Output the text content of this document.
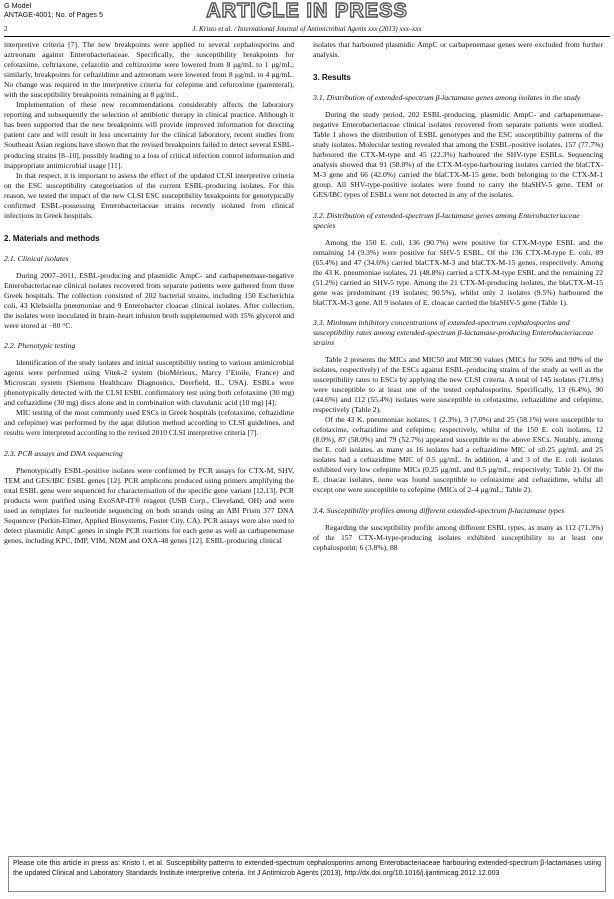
G Model
ANTAGE-4001; No. of Pages 5	ARTICLE IN PRESS
2	J. Kristo et al. / International Journal of Antimicrobial Agents xxx (2013) xxx–xxx

interpretive criteria [7]. The new breakpoints were applied to several cephalosporins and aztreonam against Enterobacteriaceae. Specifically, the susceptibility breakpoints for cefotaxime, ceftriaxone, cefazolin and ceftizoxime were lowered from 8 μg/mL to 1 μg/mL; similarly, breakpoints for ceftazidime and aztreonam were lowered from 8 μg/mL to 4 μg/mL. No change was required in the interpretive criteria for cefepime and cefuroxime (parenteral), with the susceptibility breakpoints remaining at 8 μg/mL.

Implementation of these new recommendations considerably affects the laboratory reporting and subsequently the selection of antibiotic therapy in clinical practice. Although it has been supported that the new breakpoints will provide improved information for directing patient care and will result in less uncertainty for the clinical laboratory, recent studies from Southeast Asian regions have shown that the revised breakpoints failed to detect several ESBL-producing strains [8–10], possibly leading to a loss of critical infection control information and inappropriate antimicrobial usage [11].

In that respect, it is important to assess the effect of the updated CLSI interpretive criteria on the ESC susceptibility categorisation of the current ESBL-producing isolates. For this reason, we tested the impact of the new CLSI ESC susceptibility breakpoints for genotypically confirmed ESBL-possessing Enterobacteriaceae strains recently isolated from clinical infections in Greek hospitals.

2. Materials and methods
2.1. Clinical isolates

During 2007–2011, ESBL-producing and plasmidic AmpC- and carbapenemase-negative Enterobacteriaceae clinical isolates recovered from separate patients were gathered from three Greek hospitals. The collection consisted of 202 bacterial strains, including 150 Escherichia coli, 43 Klebsiella pneumoniae and 9 Enterobacter cloacae clinical isolates. After collection, the isolates were inoculated in brain–heart infusion broth supplemented with 15% glycerol and were stored at −80 °C.

2.2. Phenotypic testing

Identification of the study isolates and initial susceptibility testing to various antimicrobial agents were performed using Vitek-2 system (bioMérieux, Marcy l’Etoile, France) and Microscan system (Siemens Healthcare Diagnostics, Deerfield, IL, USA). ESBLs were phenotypically detected with the CLSI ESBL confirmatory test using both cefotaxime (30 mg) and ceftazidime (30 mg) discs alone and in combination with clavulanic acid (10 mg) [4].

MIC testing of the most commonly used ESCs in Greek hospitals (cefotaxime, ceftazidime and cefepime) was performed by the agar dilution method according to CLSI guidelines, and results were interpreted according to the revised 2010 CLSI interpretive criteria [7].

2.3. PCR assays and DNA sequencing

Phenotypically ESBL-positive isolates were confirmed by PCR assays for CTX-M, SHV, TEM and GES/IBC ESBL genes [12]. PCR amplicons produced using primers amplifying the total ESBL gene were sequenced for characterisation of the specific gene variant [12,13]. PCR products were purified using ExoSAP-IT® reagent (USB Corp., Cleveland, OH) and were used as templates for nucleotide sequencing on both strands using an ABI Prism 377 DNA Sequencer (Perkin-Elmer, Applied Biosystems, Foster City, CA). PCR assays were also used to detect plasmidic AmpC genes in single PCR reactions for each gene as well as carbapenemase genes, including KPC, IMP, VIM, NDM and OXA-48 genes [12]. ESBL-producing clinical

isolates that harboured plasmidic AmpC or carbapenemase genes were excluded from further analysis.

3. Results
3.1. Distribution of extended-spectrum β-lactamase genes among isolates in the study

During the study period, 202 ESBL-producing, plasmidic AmpC- and carbapenemase-negative Enterobacteriaceae clinical isolates recovered from separate patients were studied. Table 1 shows the distribution of ESBL genotypes and the ESC susceptibility patterns of the study isolates. Molecular testing revealed that among the ESBL-positive isolates, 157 (77.7%) harboured the CTX-M-type and 45 (22.3%) harboured the SHV-type ESBLs. Sequencing analysis showed that 91 (58.0%) of the CTX-M-type-harbouring isolates carried the blaCTX-M-3 gene and 66 (42.0%) carried the blaCTX-M-15 gene, both belonging to the CTX-M-1 group. All SHV-type-positive isolates were found to carry the blaSHV-5 gene. TEM or GES/IBC types of ESBLs were not detected in any of the isolates.

3.2. Distribution of extended-spectrum β-lactamase genes among Enterobacteriaceae species

Among the 150 E. coli, 136 (90.7%) were positive for CTX-M-type ESBL and the remaining 14 (9.3%) were positive for SHV-5 ESBL. Of the 136 CTX-M-type E. coli, 89 (65.4%) and 47 (34.6%) carried blaCTX-M-3 and blaCTX-M-15 genes, respectively. Among the 43 K. pneumoniae isolates, 21 (48.8%) carried a CTX-M-type ESBL and the remaining 22 (51.2%) carried an SHV-5 type. Among the 21 CTX-M-producing isolates, the blaCTX-M-15 gene was predominant (19 isolates; 90.5%), whilst only 2 isolates (9.5%) harboured the blaCTX-M-3 gene. All 9 isolates of E. cloacae carried the blaSHV-5 gene (Table 1).

3.3. Minimum inhibitory concentrations of extended-spectrum cephalosporins and susceptibility rates among extended-spectrum β-lactamase-producing Enterobacteriaceae strains

Table 2 presents the MICs and MIC50 and MIC90 values (MICs for 50% and 90% of the isolates, respectively) of the ESCs against ESBL-producing strains of the study as well as the susceptibility rates to ESCs by applying the new CLSI criteria. A total of 145 isolates (71.8%) were susceptible to at least one of the tested cephalosporins. Specifically, 13 (6.4%), 90 (44.6%) and 112 (55.4%) isolates were susceptible to cefotaxime, ceftazidime and cefepime, respectively (Table 2).

Of the 43 K. pneumoniae isolates, 1 (2.3%), 3 (7.0%) and 25 (58.1%) were susceptible to cefotaxime, ceftazidime and cefepime, respectively, whilst of the 150 E. coli isolates, 12 (8.0%), 87 (58.0%) and 79 (52.7%) appeared susceptible to the above ESCs. Notably, among the E. coli isolates, as many as 16 isolates had a ceftazidime MIC of ≤0.25 μg/mL and 25 isolates had a ceftazidime MIC of 0.5 μg/mL. In addition, 4 and 3 of the E. coli isolates exhibited very low cefepime MICs (0.25 μg/mL and 0.5 μg/mL, respectively; Table 2). Of the E. cloacae isolates, none was found susceptible to cefotaxime and ceftazidime, whilst all except one were susceptible to cefepime (MICs of 2–4 μg/mL; Table 2).

3.4. Susceptibility profiles among different extended-spectrum β-lactamase types

Regarding the susceptibility profile among different ESBL types, as many as 112 (71.3%) of the 157 CTX-M-type-producing isolates exhibited susceptibility to at least one cephalosporin; 6 (3.8%), 88

Please cite this article in press as: Kristo I, et al. Susceptibility patterns to extended-spectrum cephalosporins among Enterobacteriaceae harbouring extended-spectrum β-lactamases using the updated Clinical and Laboratory Standards Institute interpretive criteria. Int J Antimicrob Agents (2013), http://dx.doi.org/10.1016/j.ijantimicag.2012.12.003
